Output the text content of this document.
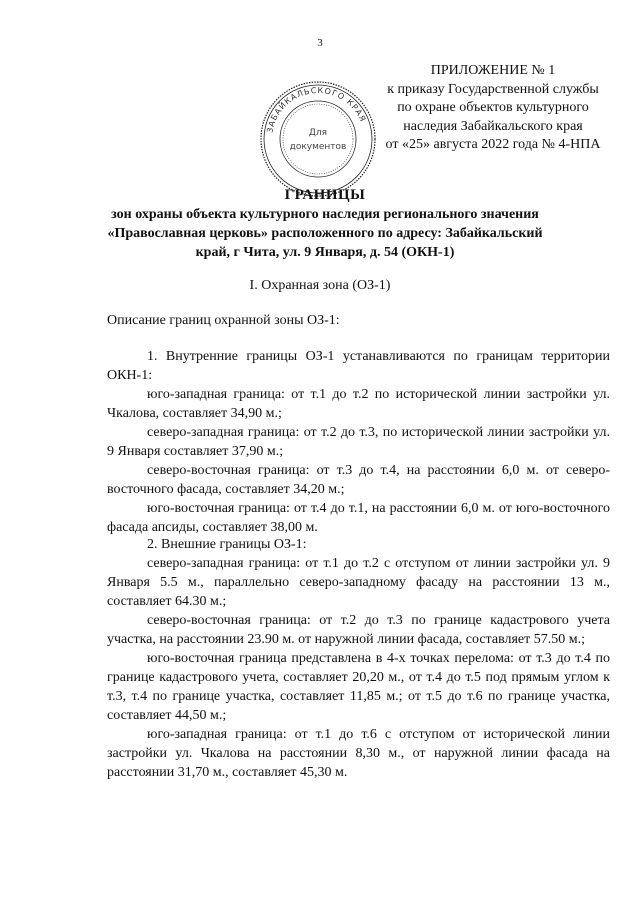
3
ЗАБАЙКАЛЬСКОГО КРАЯ
Для
документов
ПРИЛОЖЕНИЕ № 1
к приказу Государственной службы
по охране объектов культурного
наследия Забайкальского края
от «25» августа 2022 года № 4-НПА
ГРАНИЦЫ
зон охраны объекта культурного наследия регионального значения
«Православная церковь» расположенного по адресу: Забайкальский
край, г Чита, ул. 9 Января, д. 54 (ОКН-1)
I. Охранная зона (ОЗ-1)
Описание границ охранной зоны ОЗ-1:
1. Внутренние границы ОЗ-1 устанавливаются по границам территории ОКН-1:
юго-западная граница: от т.1 до т.2 по исторической линии застройки ул. Чкалова, составляет 34,90 м.;
северо-западная граница: от т.2 до т.3, по исторической линии застройки ул. 9 Января составляет 37,90 м.;
северо-восточная граница: от т.3 до т.4, на расстоянии 6,0 м. от северо-восточного фасада, составляет 34,20 м.;
юго-восточная граница: от т.4 до т.1, на расстоянии 6,0 м. от юго-восточного фасада апсиды, составляет 38,00 м.
2. Внешние границы ОЗ-1:
северо-западная граница: от т.1 до т.2 с отступом от линии застройки ул. 9 Января 5.5 м., параллельно северо-западному фасаду на расстоянии 13 м., составляет 64.30 м.;
северо-восточная граница: от т.2 до т.3 по границе кадастрового учета участка, на расстоянии 23.90 м. от наружной линии фасада, составляет 57.50 м.;
юго-восточная граница представлена в 4-х точках перелома: от т.3 до т.4 по границе кадастрового учета, составляет 20,20 м., от т.4 до т.5 под прямым углом к т.3, т.4 по границе участка, составляет 11,85 м.; от т.5 до т.6 по границе участка, составляет 44,50 м.;
юго-западная граница: от т.1 до т.6 с отступом от исторической линии застройки ул. Чкалова на расстоянии 8,30 м., от наружной линии фасада на расстоянии 31,70 м., составляет 45,30 м.
